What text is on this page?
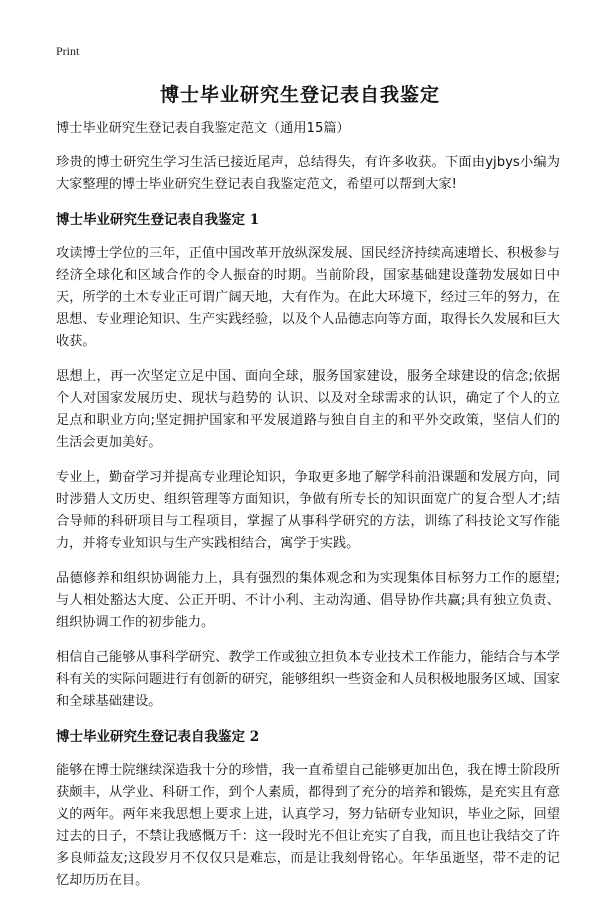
Print
博士毕业研究生登记表自我鉴定

博士毕业研究生登记表自我鉴定范文（通用15篇）

珍贵的博士研究生学习生活已接近尾声，总结得失，有许多收获。下面由yjbys小编为大家整理的博士毕业研究生登记表自我鉴定范文，希望可以帮到大家!

博士毕业研究生登记表自我鉴定 1

攻读博士学位的三年，正值中国改革开放纵深发展、国民经济持续高速增长、积极参与经济全球化和区域合作的令人振奋的时期。当前阶段，国家基础建设蓬勃发展如日中天，所学的土木专业正可谓广阔天地，大有作为。在此大环境下，经过三年的努力，在思想、专业理论知识、生产实践经验，以及个人品德志向等方面，取得长久发展和巨大收获。

思想上，再一次坚定立足中国、面向全球，服务国家建设，服务全球建设的信念;依据个人对国家发展历史、现状与趋势的 认识、以及对全球需求的认识，确定了个人的立足点和职业方向;坚定拥护国家和平发展道路与独自自主的和平外交政策，坚信人们的生活会更加美好。

专业上，勤奋学习并提高专业理论知识，争取更多地了解学科前沿课题和发展方向，同时涉猎人文历史、组织管理等方面知识，争做有所专长的知识面宽广的复合型人才;结合导师的科研项目与工程项目，掌握了从事科学研究的方法，训练了科技论文写作能力，并将专业知识与生产实践相结合，寓学于实践。

品德修养和组织协调能力上，具有强烈的集体观念和为实现集体目标努力工作的愿望;与人相处豁达大度、公正开明、不计小利、主动沟通、倡导协作共赢;具有独立负责、组织协调工作的初步能力。

相信自己能够从事科学研究、教学工作或独立担负本专业技术工作能力，能结合与本学科有关的实际问题进行有创新的研究，能够组织一些资金和人员积极地服务区域、国家和全球基础建设。

博士毕业研究生登记表自我鉴定 2

能够在博士院继续深造我十分的珍惜，我一直希望自己能够更加出色，我在博士阶段所获颇丰，从学业、科研工作，到个人素质，都得到了充分的培养和锻炼，是充实且有意义的两年。两年来我思想上要求上进，认真学习，努力钻研专业知识，毕业之际，回望过去的日子，不禁让我感慨万千：这一段时光不但让充实了自我，而且也让我结交了许多良师益友;这段岁月不仅仅只是难忘，而是让我刻骨铭心。年华虽逝坚，带不走的记忆却历历在目。
